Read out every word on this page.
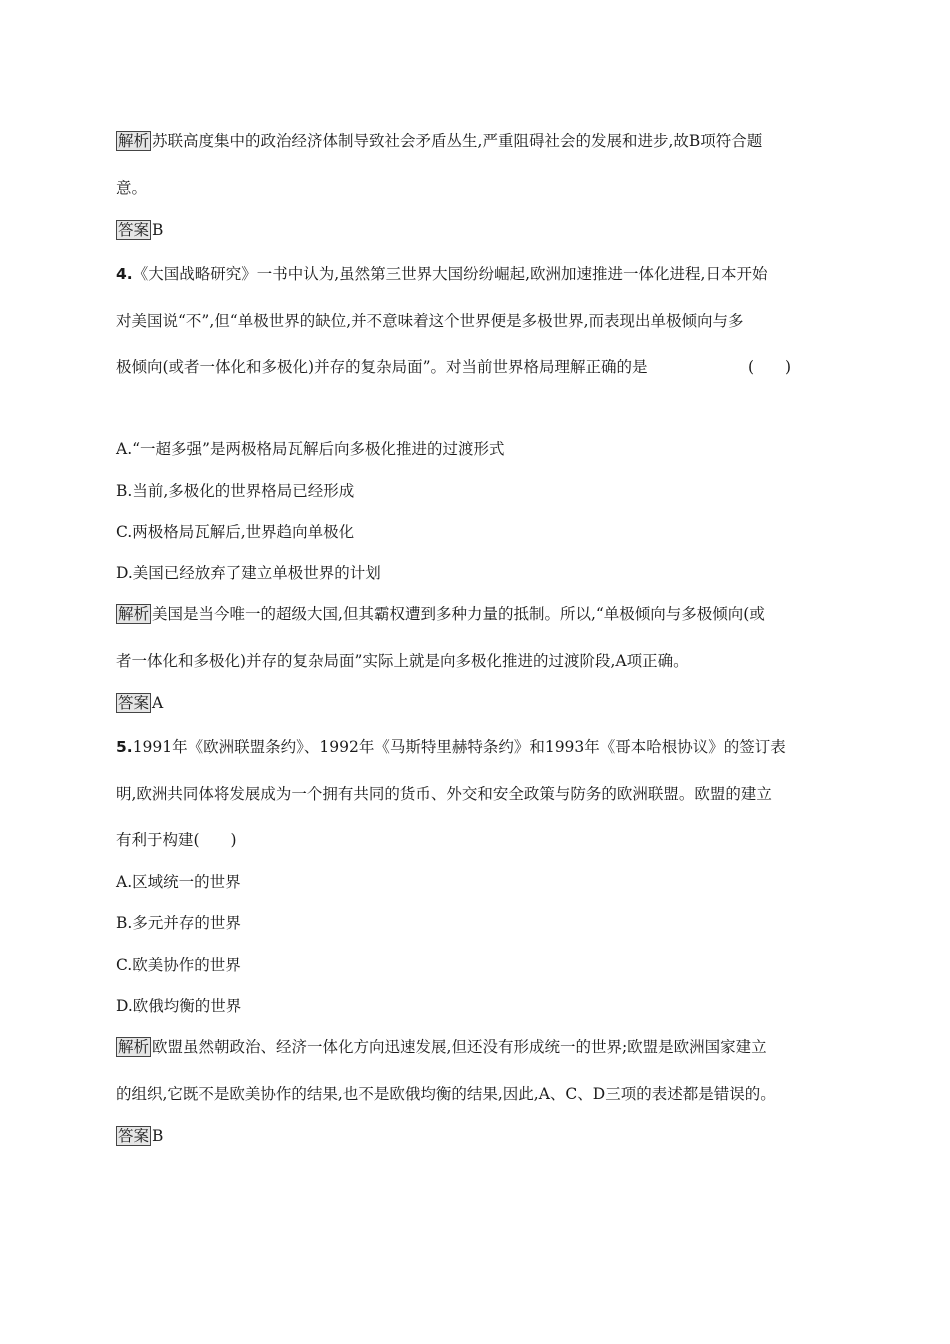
解析 苏联高度集中的政治经济体制导致社会矛盾丛生,严重阻碍社会的发展和进步,故B项符合题
意。
答案 B
4.《大国战略研究》一书中认为,虽然第三世界大国纷纷崛起,欧洲加速推进一体化进程,日本开始
对美国说“不”,但“单极世界的缺位,并不意味着这个世界便是多极世界,而表现出单极倾向与多
极倾向(或者一体化和多极化)并存的复杂局面”。对当前世界格局理解正确的是	(　　)
A.“一超多强”是两极格局瓦解后向多极化推进的过渡形式
B.当前,多极化的世界格局已经形成
C.两极格局瓦解后,世界趋向单极化
D.美国已经放弃了建立单极世界的计划
解析 美国是当今唯一的超级大国,但其霸权遭到多种力量的抵制。所以,“单极倾向与多极倾向(或
者一体化和多极化)并存的复杂局面”实际上就是向多极化推进的过渡阶段,A项正确。
答案 A
5.1991年《欧洲联盟条约》、1992年《马斯特里赫特条约》和1993年《哥本哈根协议》的签订表
明,欧洲共同体将发展成为一个拥有共同的货币、外交和安全政策与防务的欧洲联盟。欧盟的建立
有利于构建(　　)
A.区域统一的世界
B.多元并存的世界
C.欧美协作的世界
D.欧俄均衡的世界
解析 欧盟虽然朝政治、经济一体化方向迅速发展,但还没有形成统一的世界;欧盟是欧洲国家建立
的组织,它既不是欧美协作的结果,也不是欧俄均衡的结果,因此,A、C、D三项的表述都是错误的。
答案 B
